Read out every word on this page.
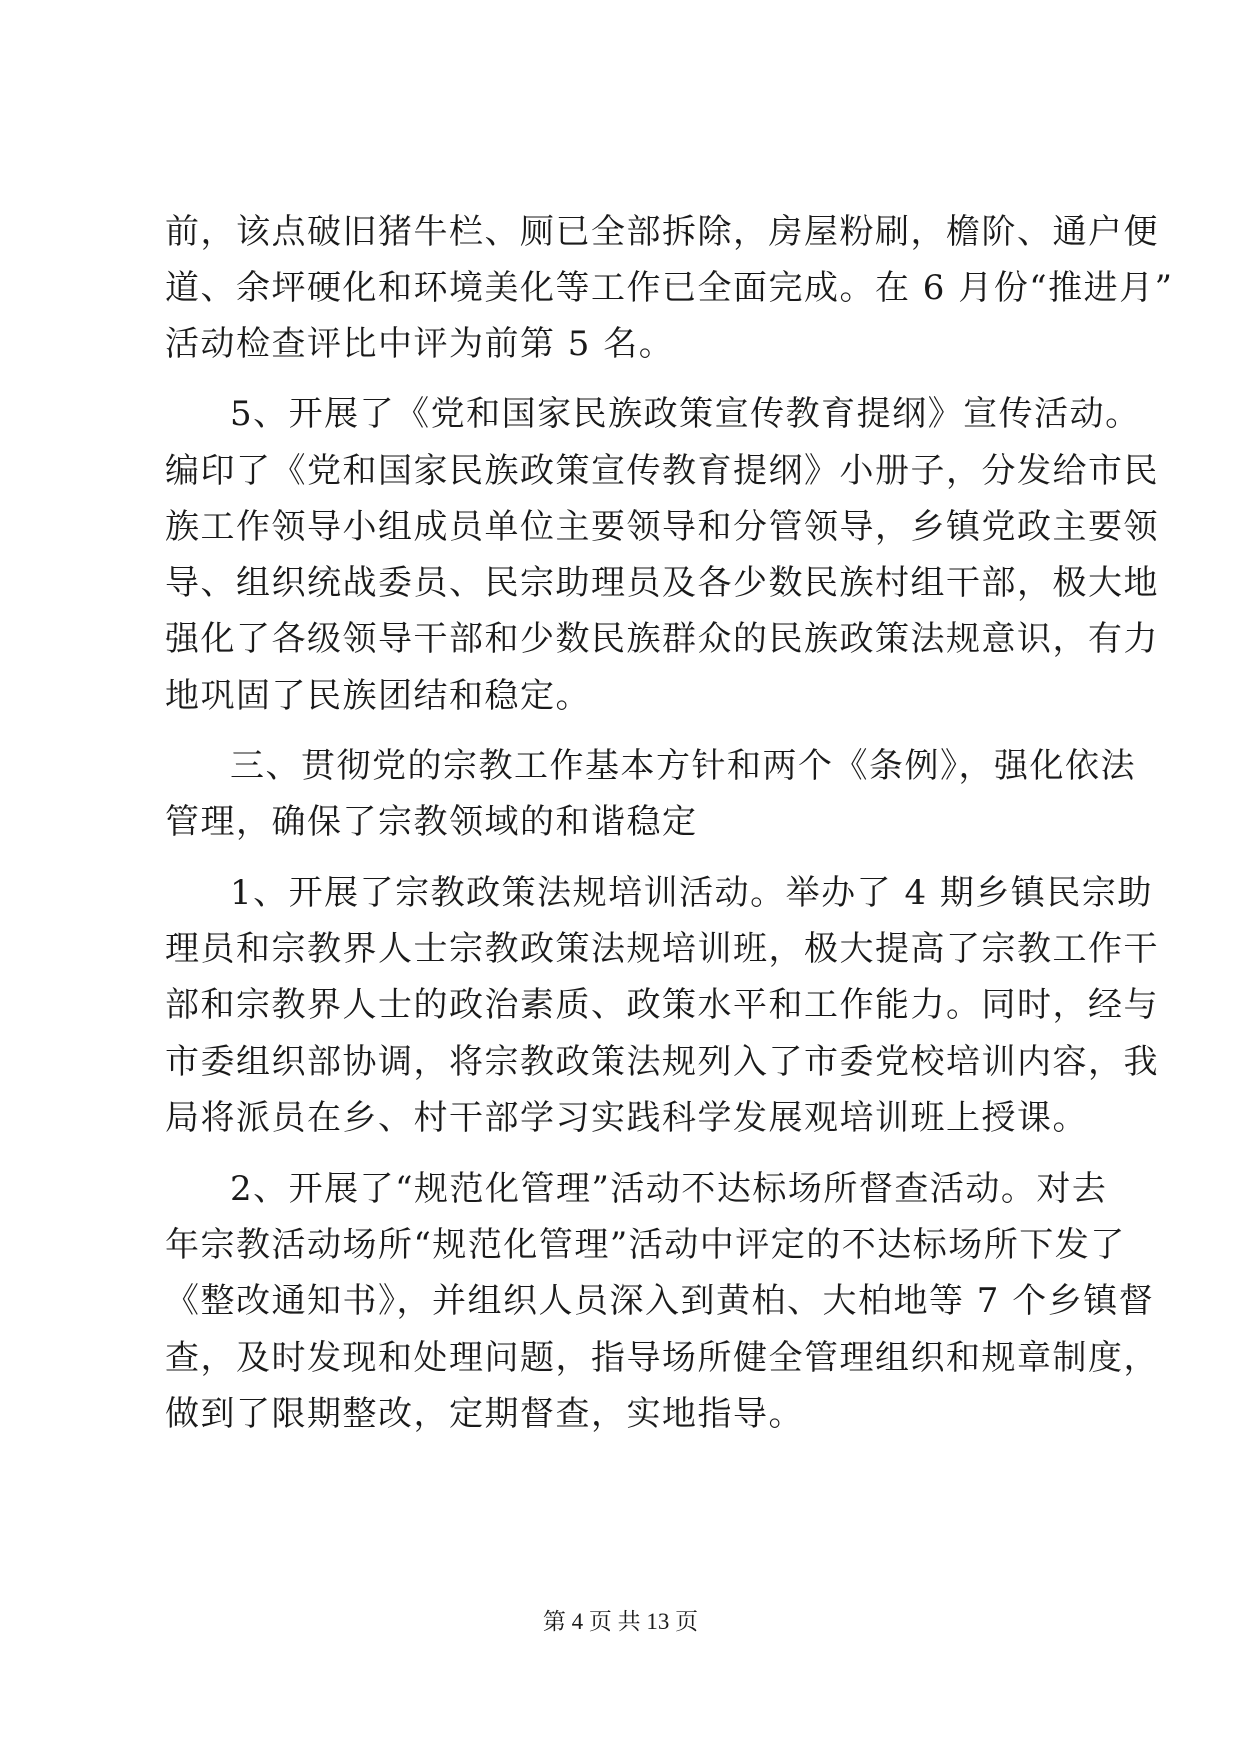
前，该点破旧猪牛栏、厕已全部拆除，房屋粉刷，檐阶、通户便
道、余坪硬化和环境美化等工作已全面完成。在 6 月份“推进月”
活动检查评比中评为前第 5 名。
5、开展了《党和国家民族政策宣传教育提纲》宣传活动。
编印了《党和国家民族政策宣传教育提纲》小册子，分发给市民
族工作领导小组成员单位主要领导和分管领导，乡镇党政主要领
导、组织统战委员、民宗助理员及各少数民族村组干部，极大地
强化了各级领导干部和少数民族群众的民族政策法规意识，有力
地巩固了民族团结和稳定。
三、贯彻党的宗教工作基本方针和两个《条例》，强化依法
管理，确保了宗教领域的和谐稳定
1、开展了宗教政策法规培训活动。举办了 4 期乡镇民宗助
理员和宗教界人士宗教政策法规培训班，极大提高了宗教工作干
部和宗教界人士的政治素质、政策水平和工作能力。同时，经与
市委组织部协调，将宗教政策法规列入了市委党校培训内容，我
局将派员在乡、村干部学习实践科学发展观培训班上授课。
2、开展了“规范化管理”活动不达标场所督查活动。对去
年宗教活动场所“规范化管理”活动中评定的不达标场所下发了
《整改通知书》，并组织人员深入到黄柏、大柏地等 7 个乡镇督
查，及时发现和处理问题，指导场所健全管理组织和规章制度，
做到了限期整改，定期督查，实地指导。
第 4 页 共 13 页
